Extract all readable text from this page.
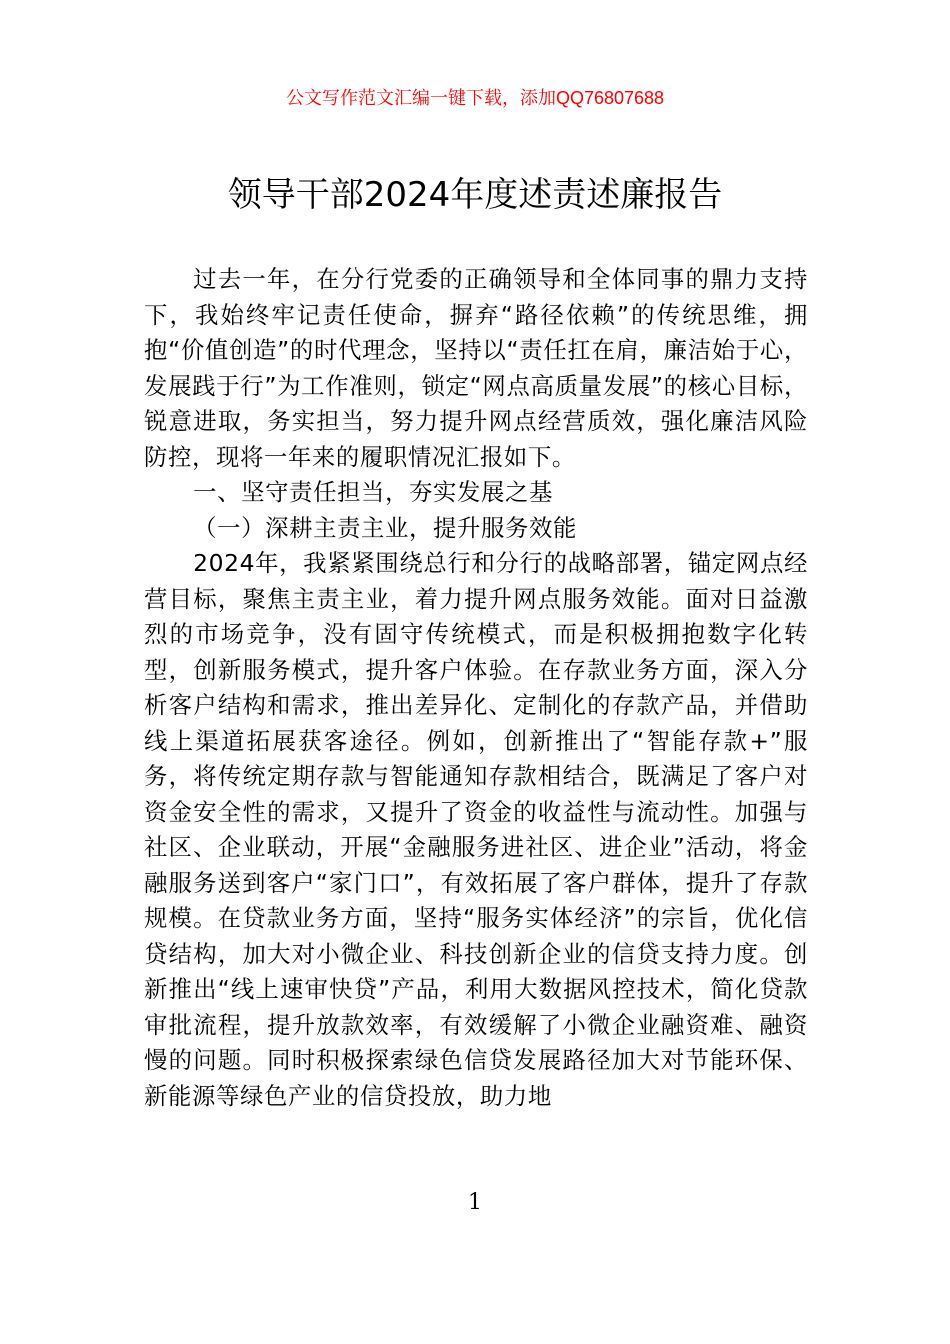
公文写作范文汇编一键下载，添加QQ76807688
领导干部2024年度述责述廉报告

过去一年，在分行党委的正确领导和全体同事的鼎力支持下，我始终牢记责任使命，摒弃“路径依赖”的传统思维，拥抱“价值创造”的时代理念，坚持以“责任扛在肩，廉洁始于心，发展践于行”为工作准则，锁定“网点高质量发展”的核心目标，锐意进取，务实担当，努力提升网点经营质效，强化廉洁风险防控，现将一年来的履职情况汇报如下。

一、坚守责任担当，夯实发展之基

（一）深耕主责主业，提升服务效能

2024年，我紧紧围绕总行和分行的战略部署，锚定网点经营目标，聚焦主责主业，着力提升网点服务效能。面对日益激烈的市场竞争，没有固守传统模式，而是积极拥抱数字化转型，创新服务模式，提升客户体验。在存款业务方面，深入分析客户结构和需求，推出差异化、定制化的存款产品，并借助线上渠道拓展获客途径。例如，创新推出了“智能存款+”服务，将传统定期存款与智能通知存款相结合，既满足了客户对资金安全性的需求，又提升了资金的收益性与流动性。加强与社区、企业联动，开展“金融服务进社区、进企业”活动，将金融服务送到客户“家门口”，有效拓展了客户群体，提升了存款规模。在贷款业务方面，坚持“服务实体经济”的宗旨，优化信贷结构，加大对小微企业、科技创新企业的信贷支持力度。创新推出“线上速审快贷”产品，利用大数据风控技术，简化贷款审批流程，提升放款效率，有效缓解了小微企业融资难、融资慢的问题。同时积极探索绿色信贷发展路径加大对节能环保、新能源等绿色产业的信贷投放，助力地

1
